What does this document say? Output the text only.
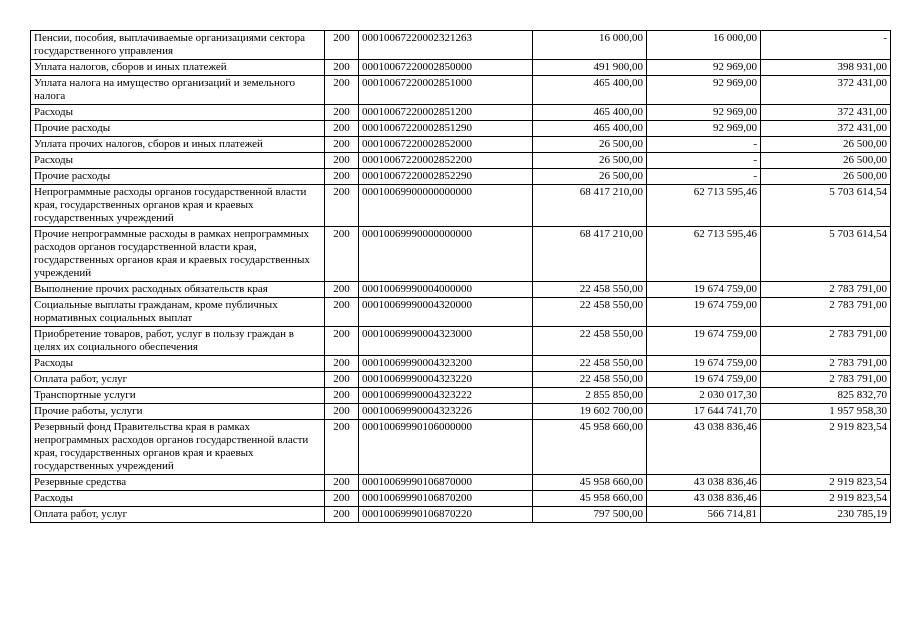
Пенсии, пособия, выплачиваемые организациями сектора государственного управления	200	00010067220002321263	16 000,00	16 000,00	-
Уплата налогов, сборов и иных платежей	200	00010067220002850000	491 900,00	92 969,00	398 931,00
Уплата налога на имущество организаций и земельного налога	200	00010067220002851000	465 400,00	92 969,00	372 431,00
Расходы	200	00010067220002851200	465 400,00	92 969,00	372 431,00
Прочие расходы	200	00010067220002851290	465 400,00	92 969,00	372 431,00
Уплата прочих налогов, сборов и иных платежей	200	00010067220002852000	26 500,00	-	26 500,00
Расходы	200	00010067220002852200	26 500,00	-	26 500,00
Прочие расходы	200	00010067220002852290	26 500,00	-	26 500,00
Непрограммные расходы органов государственной власти края, государственных органов края и краевых государственных учреждений	200	00010069900000000000	68 417 210,00	62 713 595,46	5 703 614,54
Прочие непрограммные расходы в рамках непрограммных расходов органов государственной власти края, государственных органов края и краевых государственных учреждений	200	00010069990000000000	68 417 210,00	62 713 595,46	5 703 614,54
Выполнение прочих расходных обязательств края	200	00010069990004000000	22 458 550,00	19 674 759,00	2 783 791,00
Социальные выплаты гражданам, кроме публичных нормативных социальных выплат	200	00010069990004320000	22 458 550,00	19 674 759,00	2 783 791,00
Приобретение товаров, работ, услуг в пользу граждан в целях их социального обеспечения	200	00010069990004323000	22 458 550,00	19 674 759,00	2 783 791,00
Расходы	200	00010069990004323200	22 458 550,00	19 674 759,00	2 783 791,00
Оплата работ, услуг	200	00010069990004323220	22 458 550,00	19 674 759,00	2 783 791,00
Транспортные услуги	200	00010069990004323222	2 855 850,00	2 030 017,30	825 832,70
Прочие работы, услуги	200	00010069990004323226	19 602 700,00	17 644 741,70	1 957 958,30
Резервный фонд Правительства края в рамках непрограммных расходов органов государственной власти края, государственных органов края и краевых государственных учреждений	200	00010069990106000000	45 958 660,00	43 038 836,46	2 919 823,54
Резервные средства	200	00010069990106870000	45 958 660,00	43 038 836,46	2 919 823,54
Расходы	200	00010069990106870200	45 958 660,00	43 038 836,46	2 919 823,54
Оплата работ, услуг	200	00010069990106870220	797 500,00	566 714,81	230 785,19
